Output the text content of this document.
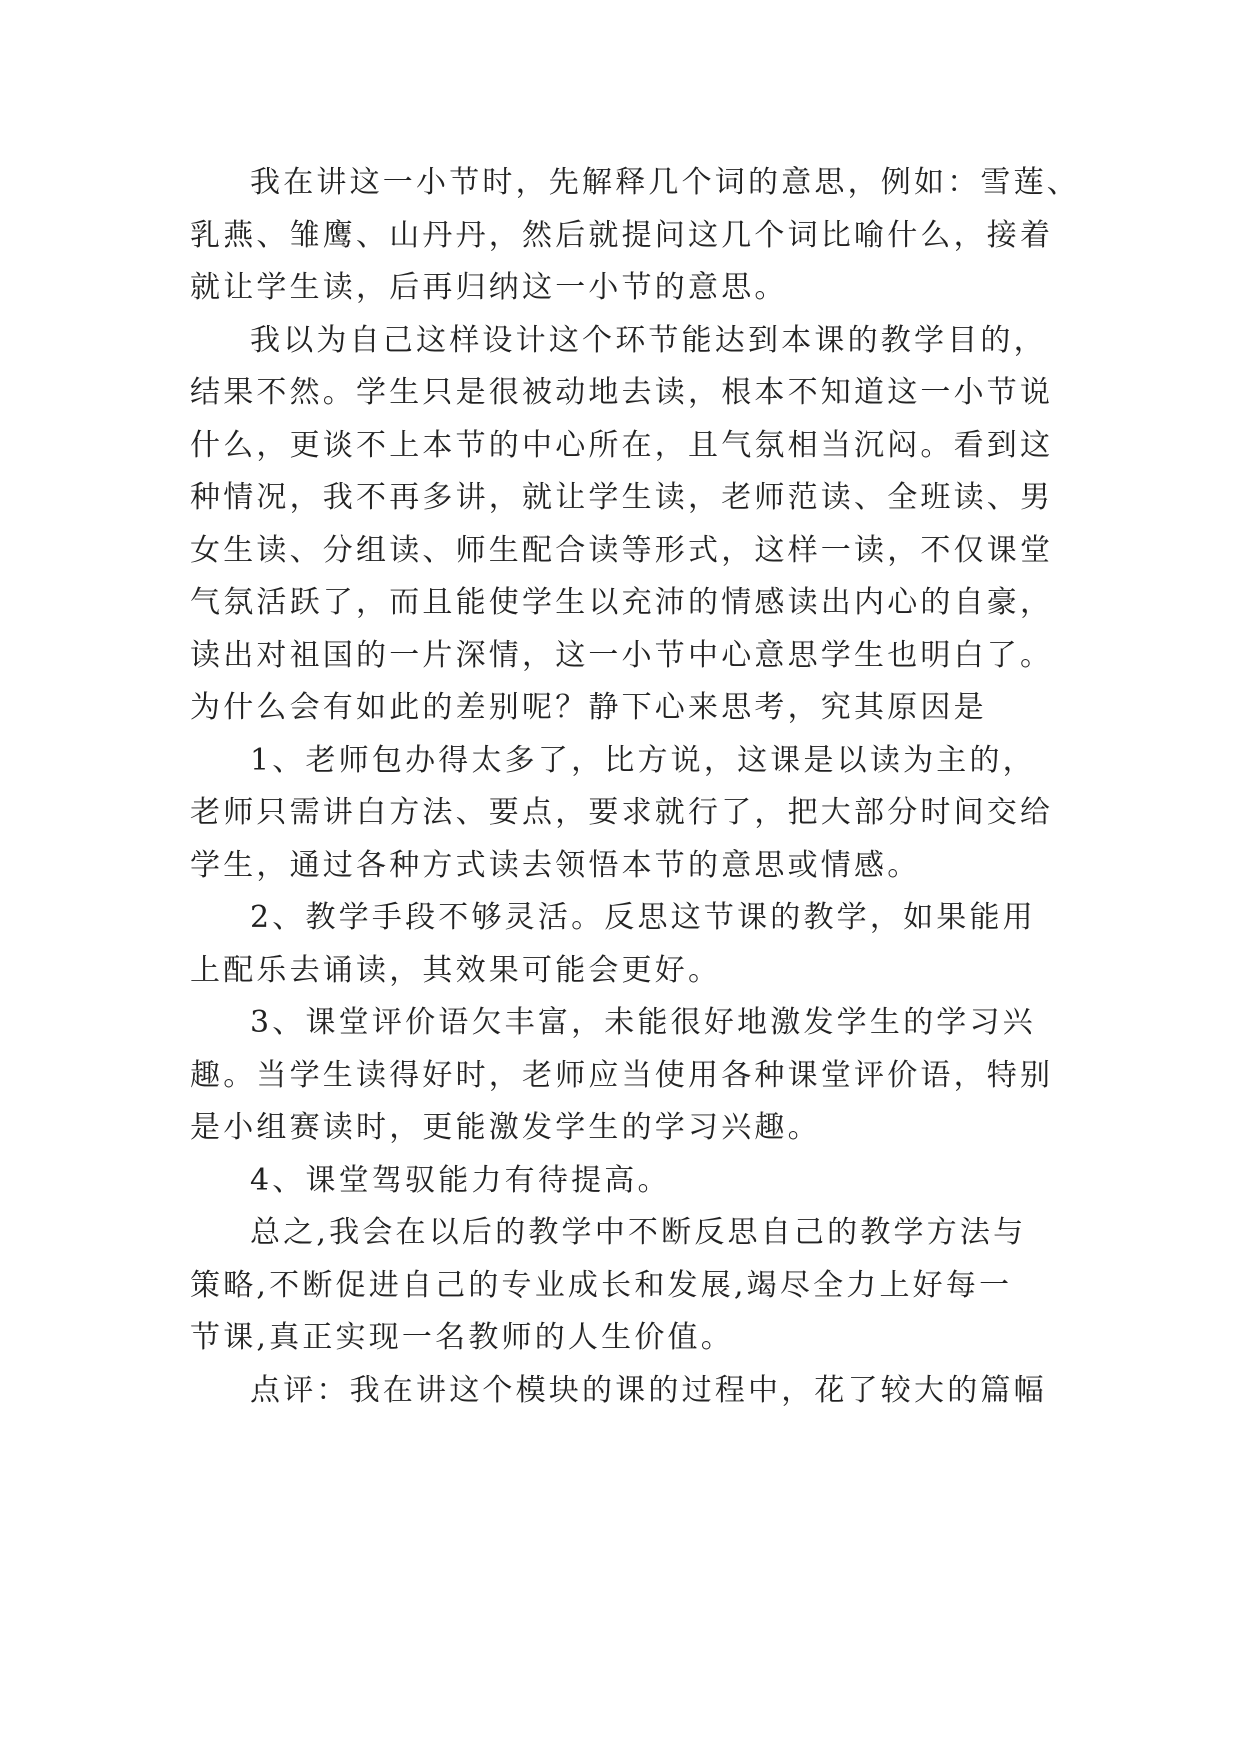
我在讲这一小节时，先解释几个词的意思，例如：雪莲、
乳燕、雏鹰、山丹丹，然后就提问这几个词比喻什么，接着
就让学生读，后再归纳这一小节的意思。

我以为自己这样设计这个环节能达到本课的教学目的，
结果不然。学生只是很被动地去读，根本不知道这一小节说
什么，更谈不上本节的中心所在，且气氛相当沉闷。看到这
种情况，我不再多讲，就让学生读，老师范读、全班读、男
女生读、分组读、师生配合读等形式，这样一读，不仅课堂
气氛活跃了，而且能使学生以充沛的情感读出内心的自豪，
读出对祖国的一片深情，这一小节中心意思学生也明白了。
为什么会有如此的差别呢？静下心来思考，究其原因是

1、老师包办得太多了，比方说，这课是以读为主的，
老师只需讲白方法、要点，要求就行了，把大部分时间交给
学生，通过各种方式读去领悟本节的意思或情感。

2、教学手段不够灵活。反思这节课的教学，如果能用
上配乐去诵读，其效果可能会更好。

3、课堂评价语欠丰富，未能很好地激发学生的学习兴
趣。当学生读得好时，老师应当使用各种课堂评价语，特别
是小组赛读时，更能激发学生的学习兴趣。

4、课堂驾驭能力有待提高。

总之,我会在以后的教学中不断反思自己的教学方法与
策略,不断促进自己的专业成长和发展,竭尽全力上好每一
节课,真正实现一名教师的人生价值。

点评：我在讲这个模块的课的过程中，花了较大的篇幅
